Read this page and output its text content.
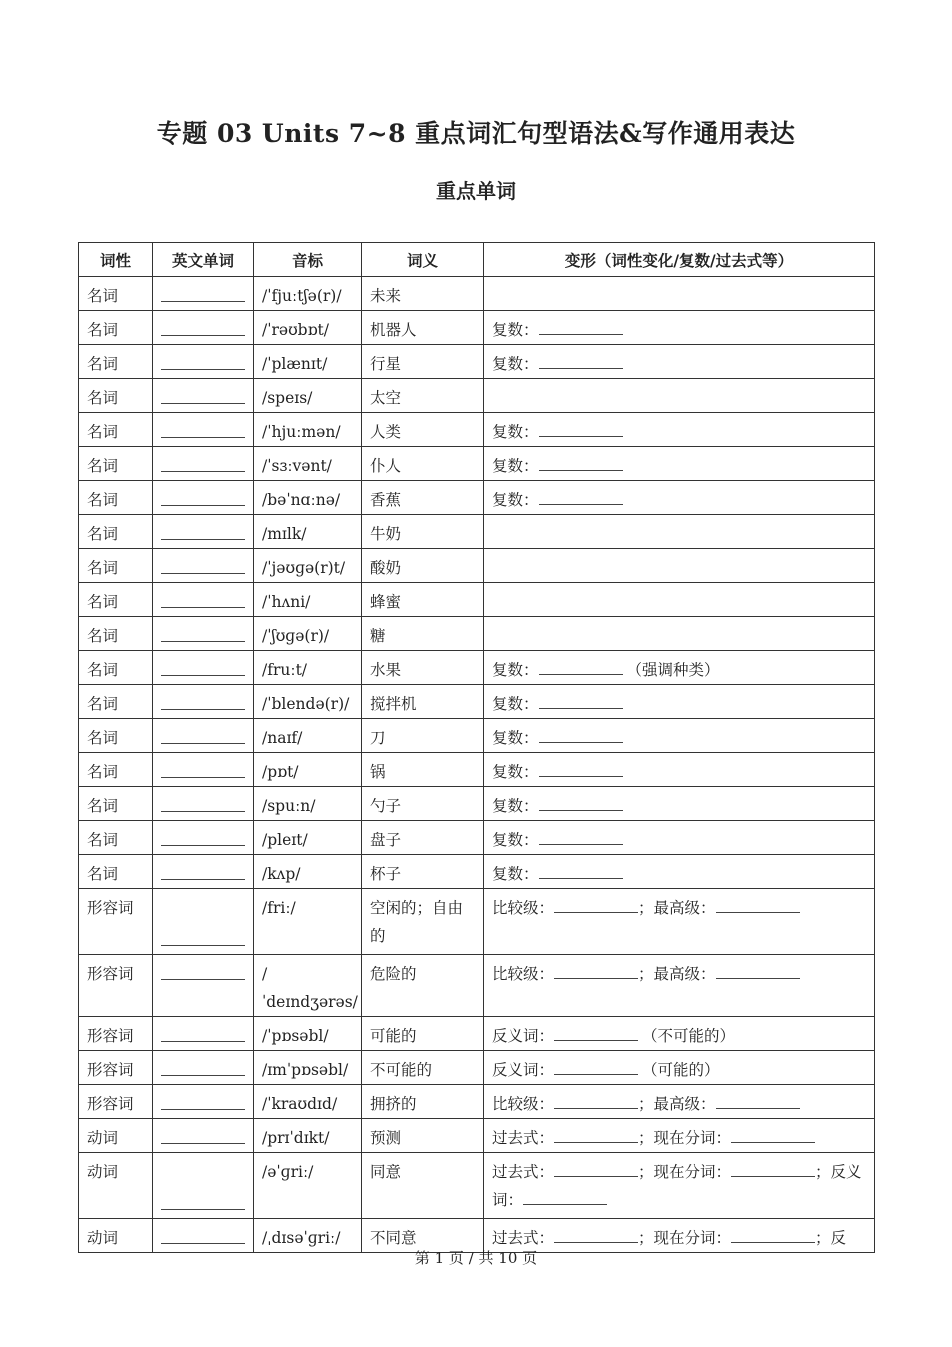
专题 03 Units 7~8 重点词汇句型语法&写作通用表达
重点单词
词性	英文单词	音标	词义	变形（词性变化/复数/过去式等）
名词		/ˈfjuːtʃə(r)/	未来	
名词		/ˈrəʊbɒt/	机器人	复数：
名词		/ˈplænɪt/	行星	复数：
名词		/speɪs/	太空	
名词		/ˈhjuːmən/	人类	复数：
名词		/ˈsɜːvənt/	仆人	复数：
名词		/bəˈnɑːnə/	香蕉	复数：
名词		/mɪlk/	牛奶	
名词		/ˈjəʊɡə(r)t/	酸奶	
名词		/ˈhʌni/	蜂蜜	
名词		/ˈʃʊɡə(r)/	糖	
名词		/fruːt/	水果	复数： （强调种类）
名词		/ˈblendə(r)/	搅拌机	复数：
名词		/naɪf/	刀	复数：
名词		/pɒt/	锅	复数：
名词		/spuːn/	勺子	复数：
名词		/pleɪt/	盘子	复数：
名词		/kʌp/	杯子	复数：
形容词		/friː/	空闲的；自由的	比较级： ；最高级：
形容词		/ˈdeɪndʒərəs/	危险的	比较级： ；最高级：
形容词		/ˈpɒsəbl/	可能的	反义词： （不可能的）
形容词		/ɪmˈpɒsəbl/	不可能的	反义词： （可能的）
形容词		/ˈkraʊdɪd/	拥挤的	比较级： ；最高级：
动词		/prɪˈdɪkt/	预测	过去式： ；现在分词：
动词		/əˈɡriː/	同意	过去式： ；现在分词： ；反义词：
动词		/ˌdɪsəˈɡriː/	不同意	过去式： ；现在分词： ；反
第 1 页 / 共 10 页
